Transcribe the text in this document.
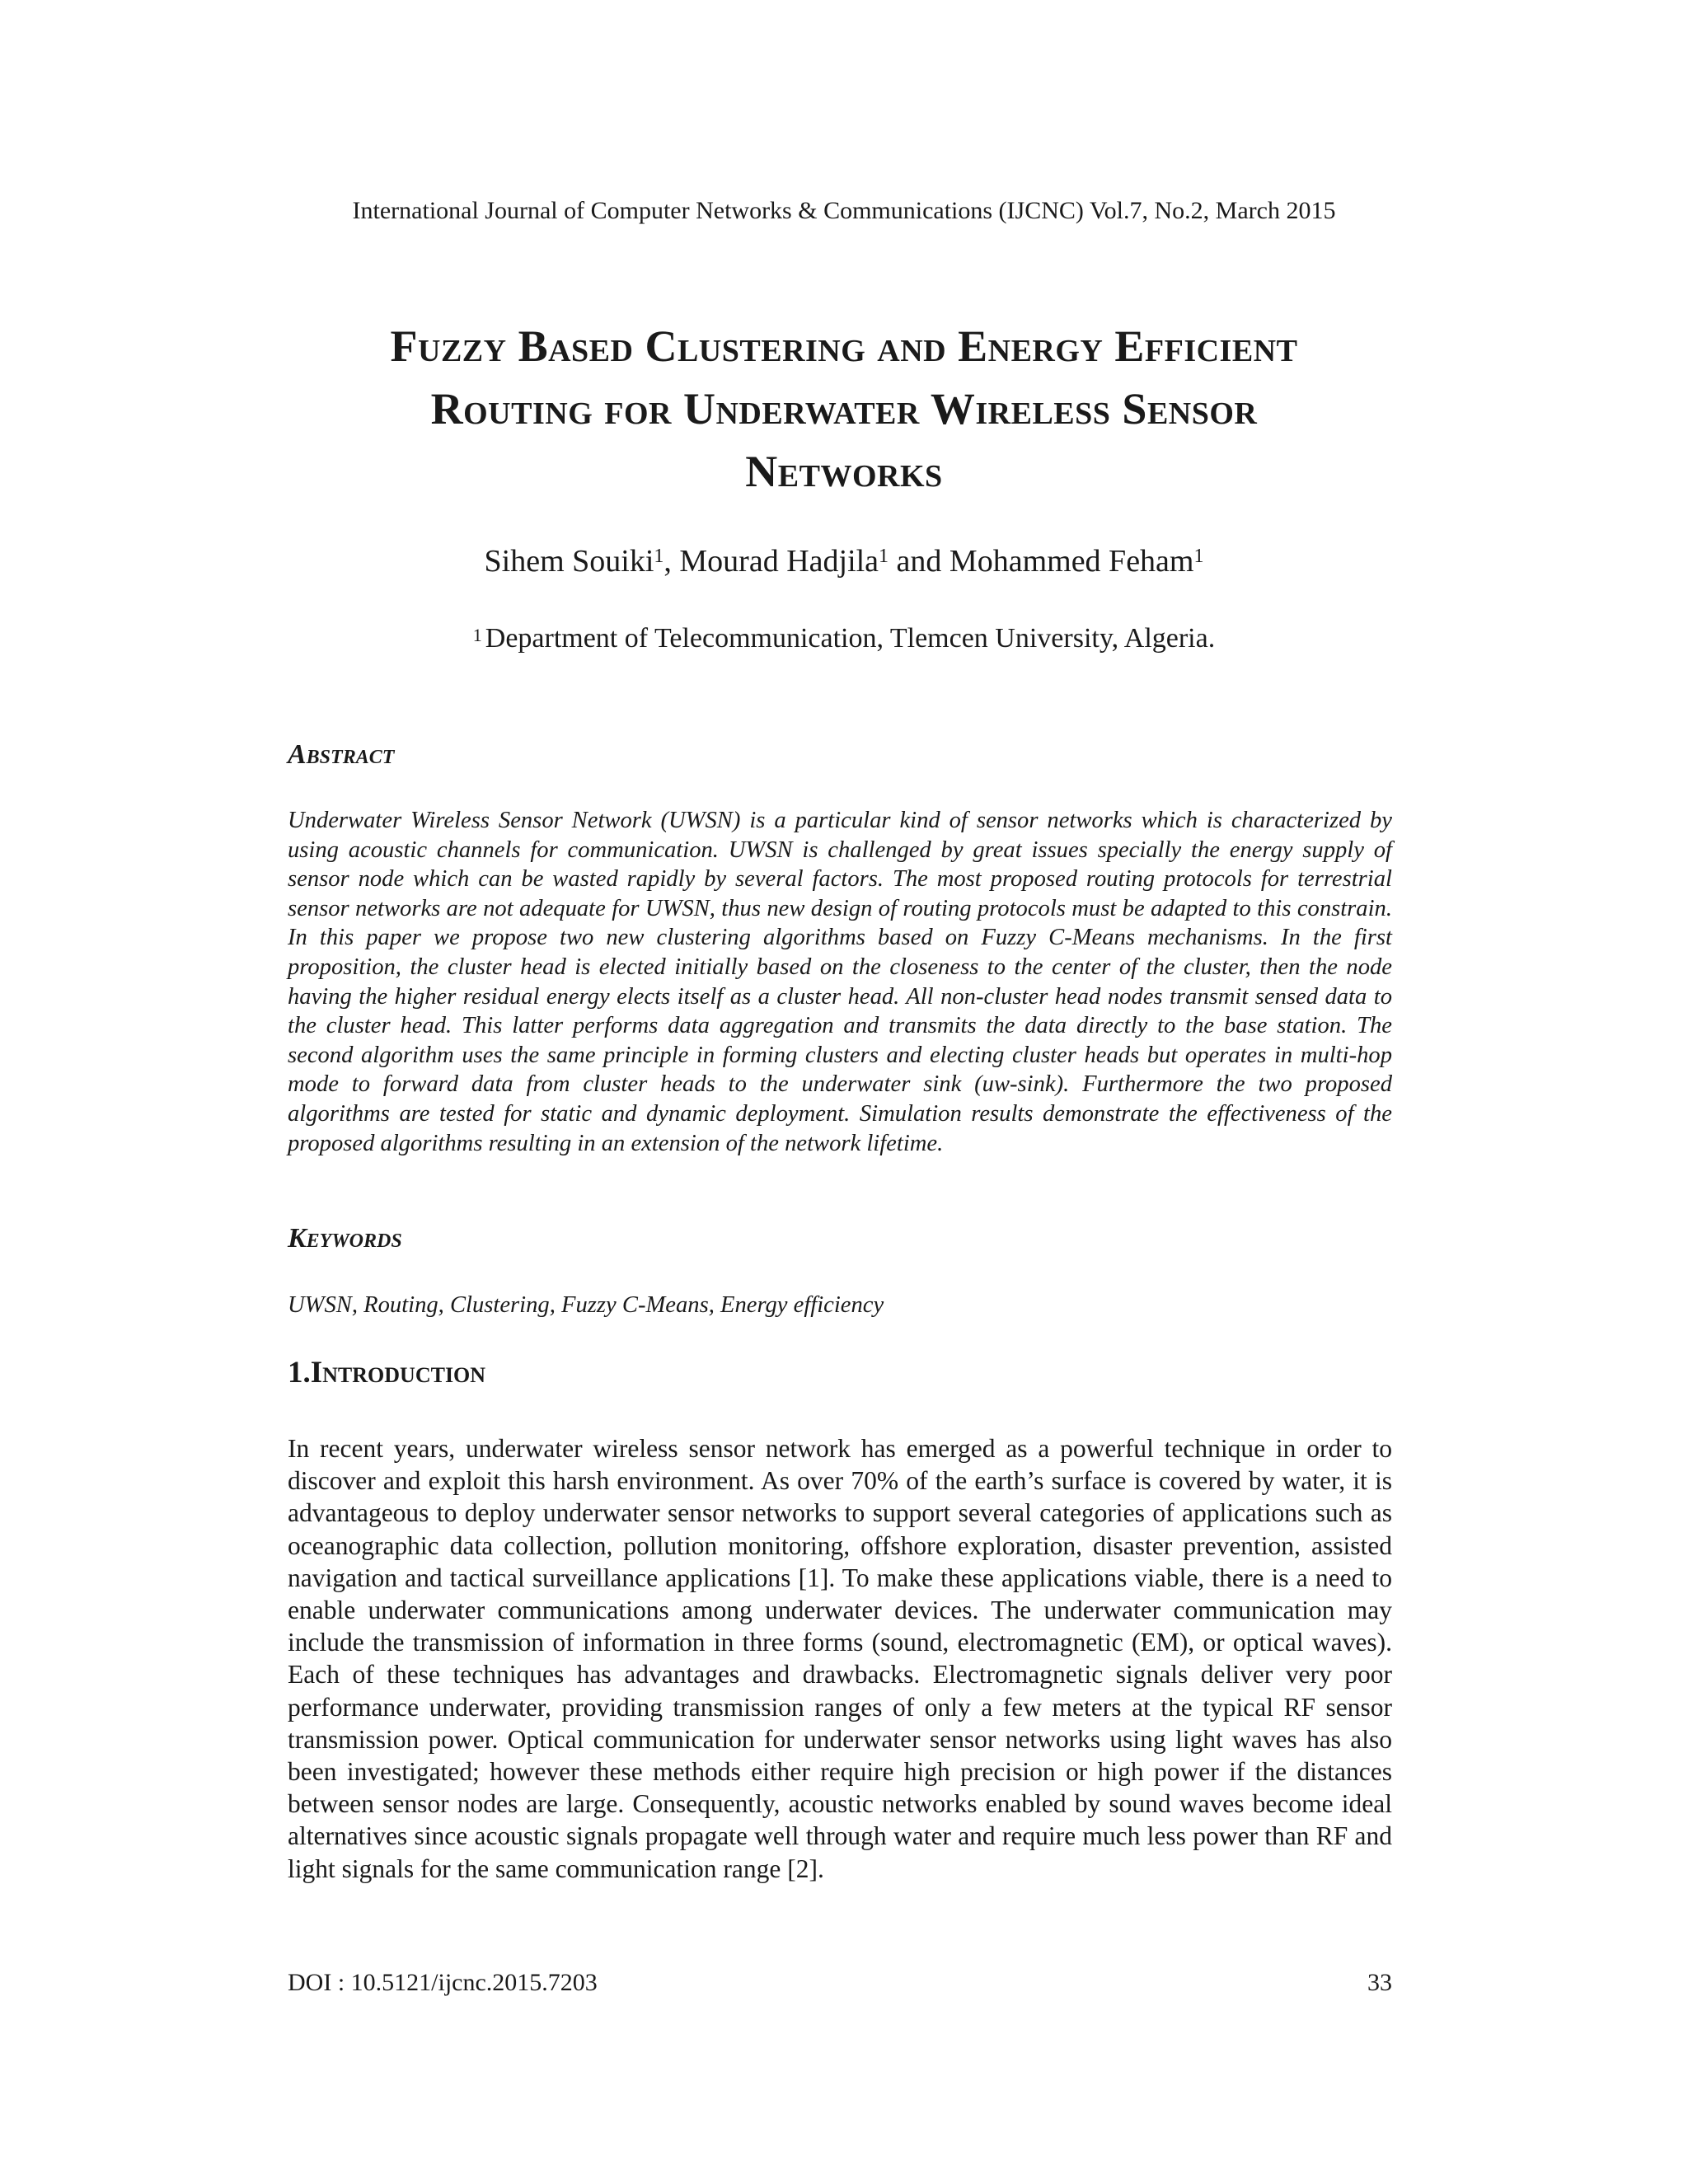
International Journal of Computer Networks & Communications (IJCNC) Vol.7, No.2, March 2015
Fuzzy Based Clustering and Energy Efficient
Routing for Underwater Wireless Sensor
Networks
Sihem Souiki$^1$, Mourad Hadjila$^1$ and Mohammed Feham$^1$
$^1$ Department of Telecommunication, Tlemcen University, Algeria.
Abstract
Underwater Wireless Sensor Network (UWSN) is a particular kind of sensor networks which is characterized by using acoustic channels for communication. UWSN is challenged by great issues specially the energy supply of sensor node which can be wasted rapidly by several factors. The most proposed routing protocols for terrestrial sensor networks are not adequate for UWSN, thus new design of routing protocols must be adapted to this constrain. In this paper we propose two new clustering algorithms based on Fuzzy C-Means mechanisms. In the first proposition, the cluster head is elected initially based on the closeness to the center of the cluster, then the node having the higher residual energy elects itself as a cluster head. All non-cluster head nodes transmit sensed data to the cluster head. This latter performs data aggregation and transmits the data directly to the base station. The second algorithm uses the same principle in forming clusters and electing cluster heads but operates in multi-hop mode to forward data from cluster heads to the underwater sink (uw-sink). Furthermore the two proposed algorithms are tested for static and dynamic deployment. Simulation results demonstrate the effectiveness of the proposed algorithms resulting in an extension of the network lifetime.
Keywords
UWSN, Routing, Clustering, Fuzzy C-Means, Energy efficiency
1.Introduction
In recent years, underwater wireless sensor network has emerged as a powerful technique in order to discover and exploit this harsh environment. As over 70% of the earth’s surface is covered by water, it is advantageous to deploy underwater sensor networks to support several categories of applications such as oceanographic data collection, pollution monitoring, offshore exploration, disaster prevention, assisted navigation and tactical surveillance applications [1]. To make these applications viable, there is a need to enable underwater communications among underwater devices. The underwater communication may include the transmission of information in three forms (sound, electromagnetic (EM), or optical waves). Each of these techniques has advantages and drawbacks. Electromagnetic signals deliver very poor performance underwater, providing transmission ranges of only a few meters at the typical RF sensor transmission power. Optical communication for underwater sensor networks using light waves has also been investigated; however these methods either require high precision or high power if the distances between sensor nodes are large. Consequently, acoustic networks enabled by sound waves become ideal alternatives since acoustic signals propagate well through water and require much less power than RF and light signals for the same communication range [2].
DOI : 10.5121/ijcnc.2015.7203	33
